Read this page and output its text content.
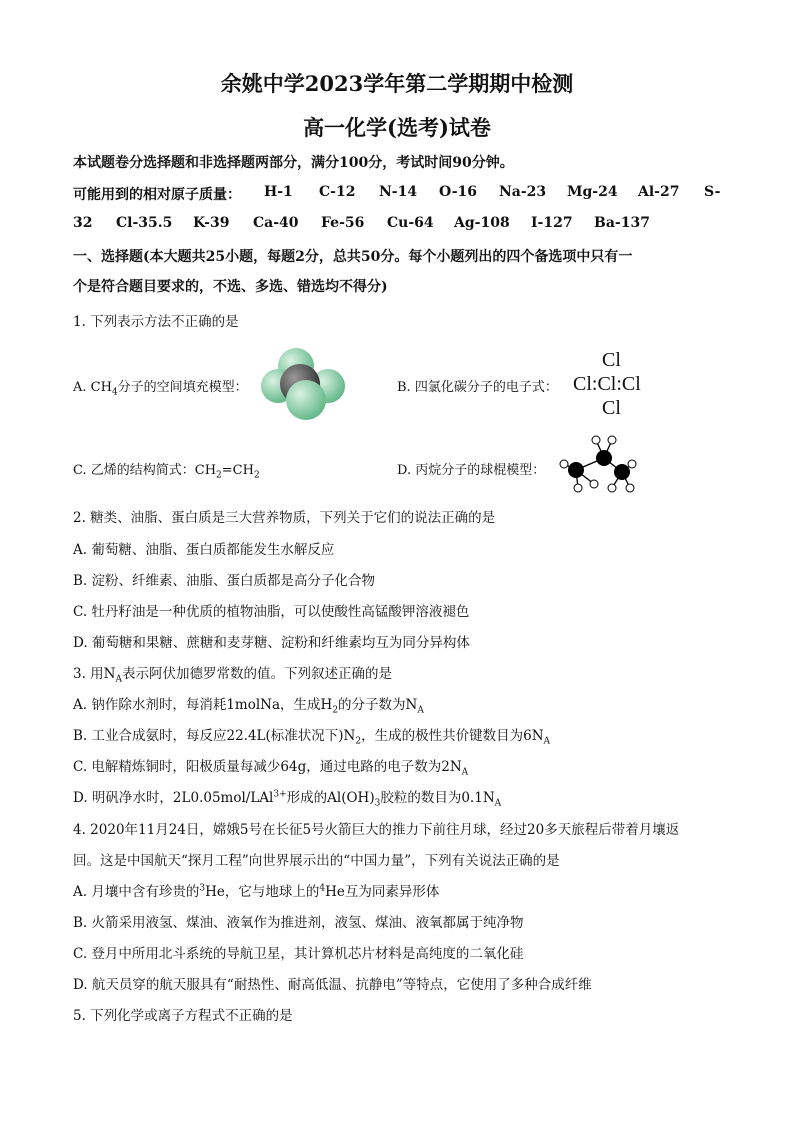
余姚中学2023学年第二学期期中检测
高一化学(选考)试卷
本试题卷分选择题和非选择题两部分，满分100分，考试时间90分钟。
可能用到的相对原子质量： H-1 C-12 N-14 O-16 Na-23 Mg-24 Al-27 S-
32 Cl-35.5 K-39 Ca-40 Fe-56 Cu-64 Ag-108 I-127 Ba-137
一、选择题(本大题共25小题，每题2分，总共50分。每个小题列出的四个备选项中只有一
个是符合题目要求的，不选、多选、错选均不得分)
1. 下列表示方法不正确的是
A. $CH_4$分子的空间填充模型：	B. 四氯化碳分子的电子式：
Cl
Cl:Cl:Cl
Cl
C. 乙烯的结构简式：$CH_2=CH_2$	D. 丙烷分子的球棍模型：
2. 糖类、油脂、蛋白质是三大营养物质，下列关于它们的说法正确的是
A. 葡萄糖、油脂、蛋白质都能发生水解反应
B. 淀粉、纤维素、油脂、蛋白质都是高分子化合物
C. 牡丹籽油是一种优质的植物油脂，可以使酸性高锰酸钾溶液褪色
D. 葡萄糖和果糖、蔗糖和麦芽糖、淀粉和纤维素均互为同分异构体
3. 用$N_A$表示阿伏加德罗常数的值。下列叙述正确的是
A. 钠作除水剂时，每消耗1molNa，生成$H_2$的分子数为$N_A$
B. 工业合成氨时，每反应22.4L(标准状况下)$N_2$，生成的极性共价键数目为$6N_A$
C. 电解精炼铜时，阳极质量每减少64g，通过电路的电子数为$2N_A$
D. 明矾净水时，2L0.05mol/LAl$^{3+}$形成的$Al(OH)_3$胶粒的数目为$0.1N_A$
4. 2020年11月24日，嫦娥5号在长征5号火箭巨大的推力下前往月球，经过20多天旅程后带着月壤返
回。这是中国航天“探月工程”向世界展示出的“中国力量”，下列有关说法正确的是
A. 月壤中含有珍贵的$^3$He，它与地球上的$^4$He互为同素异形体
B. 火箭采用液氢、煤油、液氧作为推进剂，液氢、煤油、液氧都属于纯净物
C. 登月中所用北斗系统的导航卫星，其计算机芯片材料是高纯度的二氧化硅
D. 航天员穿的航天服具有“耐热性、耐高低温、抗静电”等特点，它使用了多种合成纤维
5. 下列化学或离子方程式不正确的是
